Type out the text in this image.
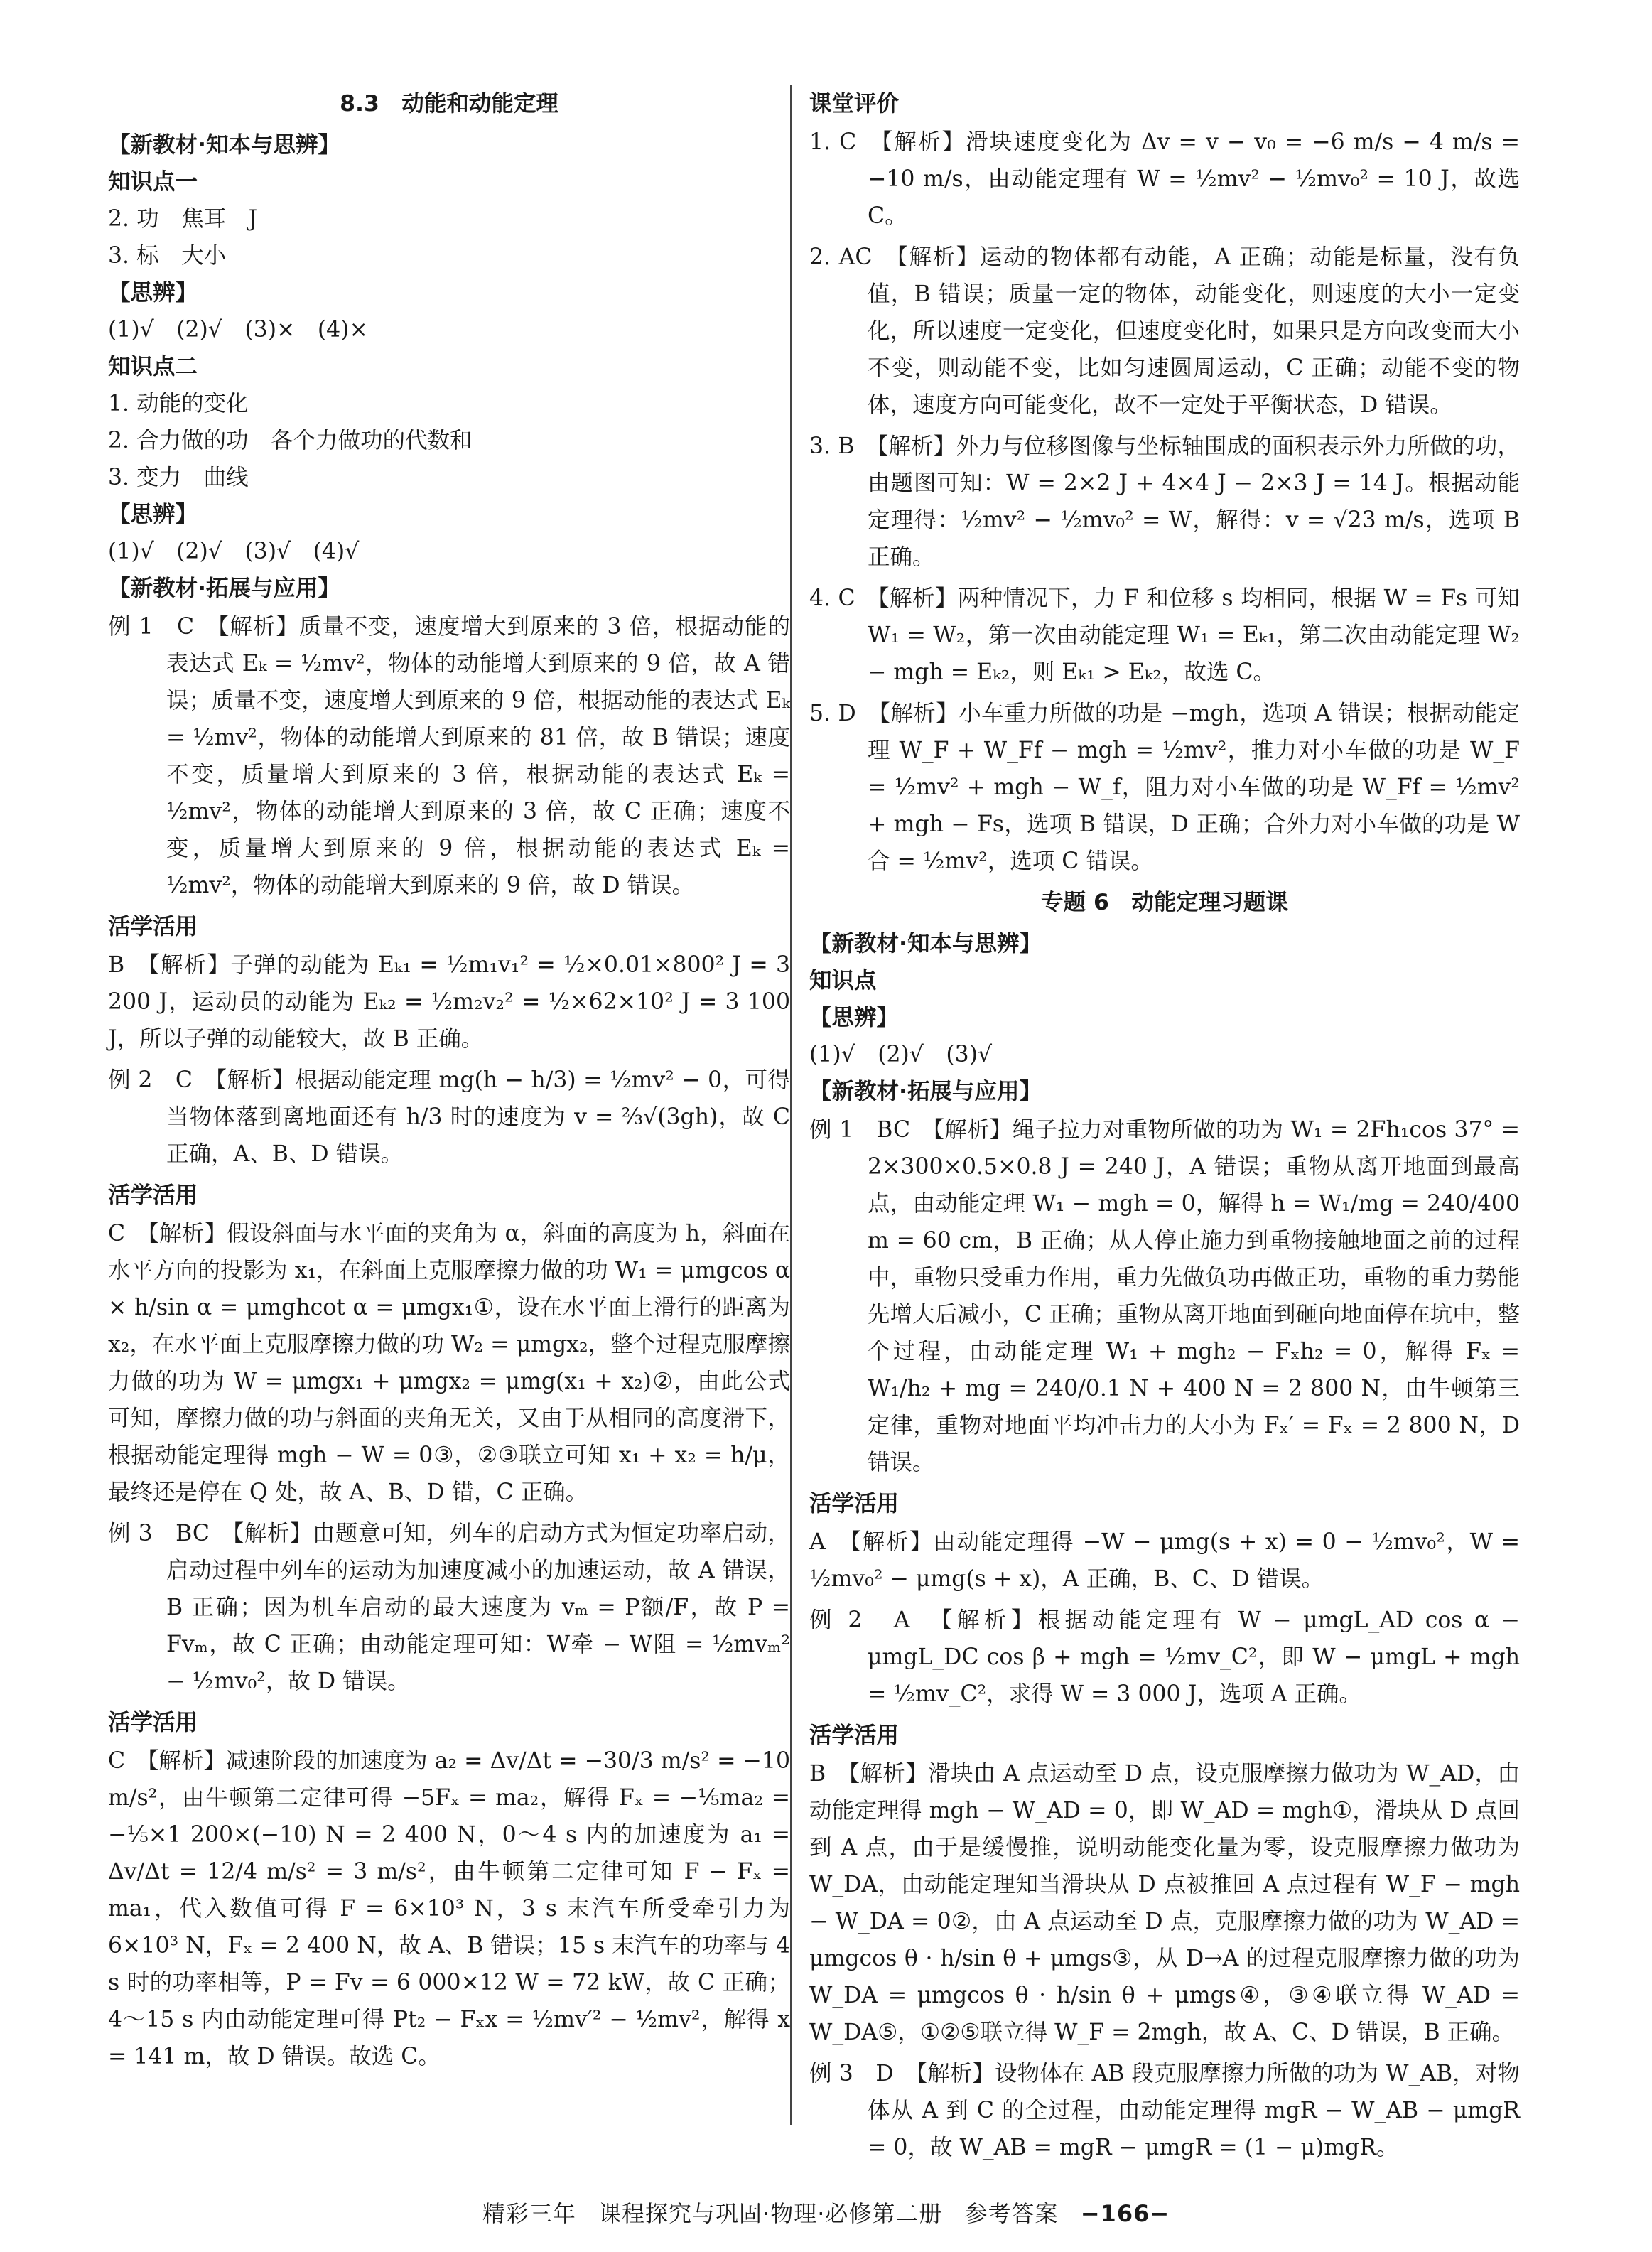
8.3　动能和动能定理
【新教材·知本与思辨】
知识点一
2. 功　焦耳　J
3. 标　大小
【思辨】
(1)√　(2)√　(3)×　(4)×
知识点二
1. 动能的变化
2. 合力做的功　各个力做功的代数和
3. 变力　曲线
【思辨】
(1)√　(2)√　(3)√　(4)√
【新教材·拓展与应用】
例 1　C　【解析】质量不变，速度增大到原来的 3 倍，根据动能的表达式 Eₖ = ½mv²，物体的动能增大到原来的 9 倍，故 A 错误；质量不变，速度增大到原来的 9 倍，根据动能的表达式 Eₖ = ½mv²，物体的动能增大到原来的 81 倍，故 B 错误；速度不变，质量增大到原来的 3 倍，根据动能的表达式 Eₖ = ½mv²，物体的动能增大到原来的 3 倍，故 C 正确；速度不变，质量增大到原来的 9 倍，根据动能的表达式 Eₖ = ½mv²，物体的动能增大到原来的 9 倍，故 D 错误。
活学活用
B　【解析】子弹的动能为 Eₖ₁ = ½m₁v₁² = ½×0.01×800² J = 3 200 J，运动员的动能为 Eₖ₂ = ½m₂v₂² = ½×62×10² J = 3 100 J，所以子弹的动能较大，故 B 正确。
例 2　C　【解析】根据动能定理 mg(h − h/3) = ½mv² − 0，可得当物体落到离地面还有 h/3 时的速度为 v = ⅔√(3gh)，故 C 正确，A、B、D 错误。
活学活用
C　【解析】假设斜面与水平面的夹角为 α，斜面的高度为 h，斜面在水平方向的投影为 x₁，在斜面上克服摩擦力做的功 W₁ = μmgcos α × h/sin α = μmghcot α = μmgx₁①，设在水平面上滑行的距离为 x₂，在水平面上克服摩擦力做的功 W₂ = μmgx₂，整个过程克服摩擦力做的功为 W = μmgx₁ + μmgx₂ = μmg(x₁ + x₂)②，由此公式可知，摩擦力做的功与斜面的夹角无关，又由于从相同的高度滑下，根据动能定理得 mgh − W = 0③，②③联立可知 x₁ + x₂ = h/μ，最终还是停在 Q 处，故 A、B、D 错，C 正确。
例 3　BC　【解析】由题意可知，列车的启动方式为恒定功率启动，启动过程中列车的运动为加速度减小的加速运动，故 A 错误，B 正确；因为机车启动的最大速度为 vₘ = P额/F，故 P = Fvₘ，故 C 正确；由动能定理可知：W牵 − W阻 = ½mvₘ² − ½mv₀²，故 D 错误。
活学活用
C　【解析】减速阶段的加速度为 a₂ = Δv/Δt = −30/3 m/s² = −10 m/s²，由牛顿第二定律可得 −5Fₓ = ma₂，解得 Fₓ = −⅕ma₂ = −⅕×1 200×(−10) N = 2 400 N，0～4 s 内的加速度为 a₁ = Δv/Δt = 12/4 m/s² = 3 m/s²，由牛顿第二定律可知 F − Fₓ = ma₁，代入数值可得 F = 6×10³ N，3 s 末汽车所受牵引力为 6×10³ N，Fₓ = 2 400 N，故 A、B 错误；15 s 末汽车的功率与 4 s 时的功率相等，P = Fv = 6 000×12 W = 72 kW，故 C 正确；4～15 s 内由动能定理可得 Pt₂ − Fₓx = ½mv′² − ½mv²，解得 x = 141 m，故 D 错误。故选 C。
课堂评价
1. C　【解析】滑块速度变化为 Δv = v − v₀ = −6 m/s − 4 m/s = −10 m/s，由动能定理有 W = ½mv² − ½mv₀² = 10 J，故选 C。
2. AC　【解析】运动的物体都有动能，A 正确；动能是标量，没有负值，B 错误；质量一定的物体，动能变化，则速度的大小一定变化，所以速度一定变化，但速度变化时，如果只是方向改变而大小不变，则动能不变，比如匀速圆周运动，C 正确；动能不变的物体，速度方向可能变化，故不一定处于平衡状态，D 错误。
3. B　【解析】外力与位移图像与坐标轴围成的面积表示外力所做的功，由题图可知：W = 2×2 J + 4×4 J − 2×3 J = 14 J。根据动能定理得：½mv² − ½mv₀² = W，解得：v = √23 m/s，选项 B 正确。
4. C　【解析】两种情况下，力 F 和位移 s 均相同，根据 W = Fs 可知 W₁ = W₂，第一次由动能定理 W₁ = Eₖ₁，第二次由动能定理 W₂ − mgh = Eₖ₂，则 Eₖ₁ > Eₖ₂，故选 C。
5. D　【解析】小车重力所做的功是 −mgh，选项 A 错误；根据动能定理 W_F + W_Ff − mgh = ½mv²，推力对小车做的功是 W_F = ½mv² + mgh − W_f，阻力对小车做的功是 W_Ff = ½mv² + mgh − Fs，选项 B 错误，D 正确；合外力对小车做的功是 W合 = ½mv²，选项 C 错误。
专题 6　动能定理习题课
【新教材·知本与思辨】
知识点
【思辨】
(1)√　(2)√　(3)√
【新教材·拓展与应用】
例 1　BC　【解析】绳子拉力对重物所做的功为 W₁ = 2Fh₁cos 37° = 2×300×0.5×0.8 J = 240 J，A 错误；重物从离开地面到最高点，由动能定理 W₁ − mgh = 0，解得 h = W₁/mg = 240/400 m = 60 cm，B 正确；从人停止施力到重物接触地面之前的过程中，重物只受重力作用，重力先做负功再做正功，重物的重力势能先增大后减小，C 正确；重物从离开地面到砸向地面停在坑中，整个过程，由动能定理 W₁ + mgh₂ − Fₓh₂ = 0，解得 Fₓ = W₁/h₂ + mg = 240/0.1 N + 400 N = 2 800 N，由牛顿第三定律，重物对地面平均冲击力的大小为 Fₓ′ = Fₓ = 2 800 N，D 错误。
活学活用
A　【解析】由动能定理得 −W − μmg(s + x) = 0 − ½mv₀²，W = ½mv₀² − μmg(s + x)，A 正确，B、C、D 错误。
例 2　A　【解析】根据动能定理有 W − μmgL_AD cos α − μmgL_DC cos β + mgh = ½mv_C²，即 W − μmgL + mgh = ½mv_C²，求得 W = 3 000 J，选项 A 正确。
活学活用
B　【解析】滑块由 A 点运动至 D 点，设克服摩擦力做功为 W_AD，由动能定理得 mgh − W_AD = 0，即 W_AD = mgh①，滑块从 D 点回到 A 点，由于是缓慢推，说明动能变化量为零，设克服摩擦力做功为 W_DA，由动能定理知当滑块从 D 点被推回 A 点过程有 W_F − mgh − W_DA = 0②，由 A 点运动至 D 点，克服摩擦力做的功为 W_AD = μmgcos θ · h/sin θ + μmgs③，从 D→A 的过程克服摩擦力做的功为 W_DA = μmgcos θ · h/sin θ + μmgs④，③④联立得 W_AD = W_DA⑤，①②⑤联立得 W_F = 2mgh，故 A、C、D 错误，B 正确。
例 3　D　【解析】设物体在 AB 段克服摩擦力所做的功为 W_AB，对物体从 A 到 C 的全过程，由动能定理得 mgR − W_AB − μmgR = 0，故 W_AB = mgR − μmgR = (1 − μ)mgR。
精彩三年 课程探究与巩固·物理·必修第二册 参考答案 −166−
